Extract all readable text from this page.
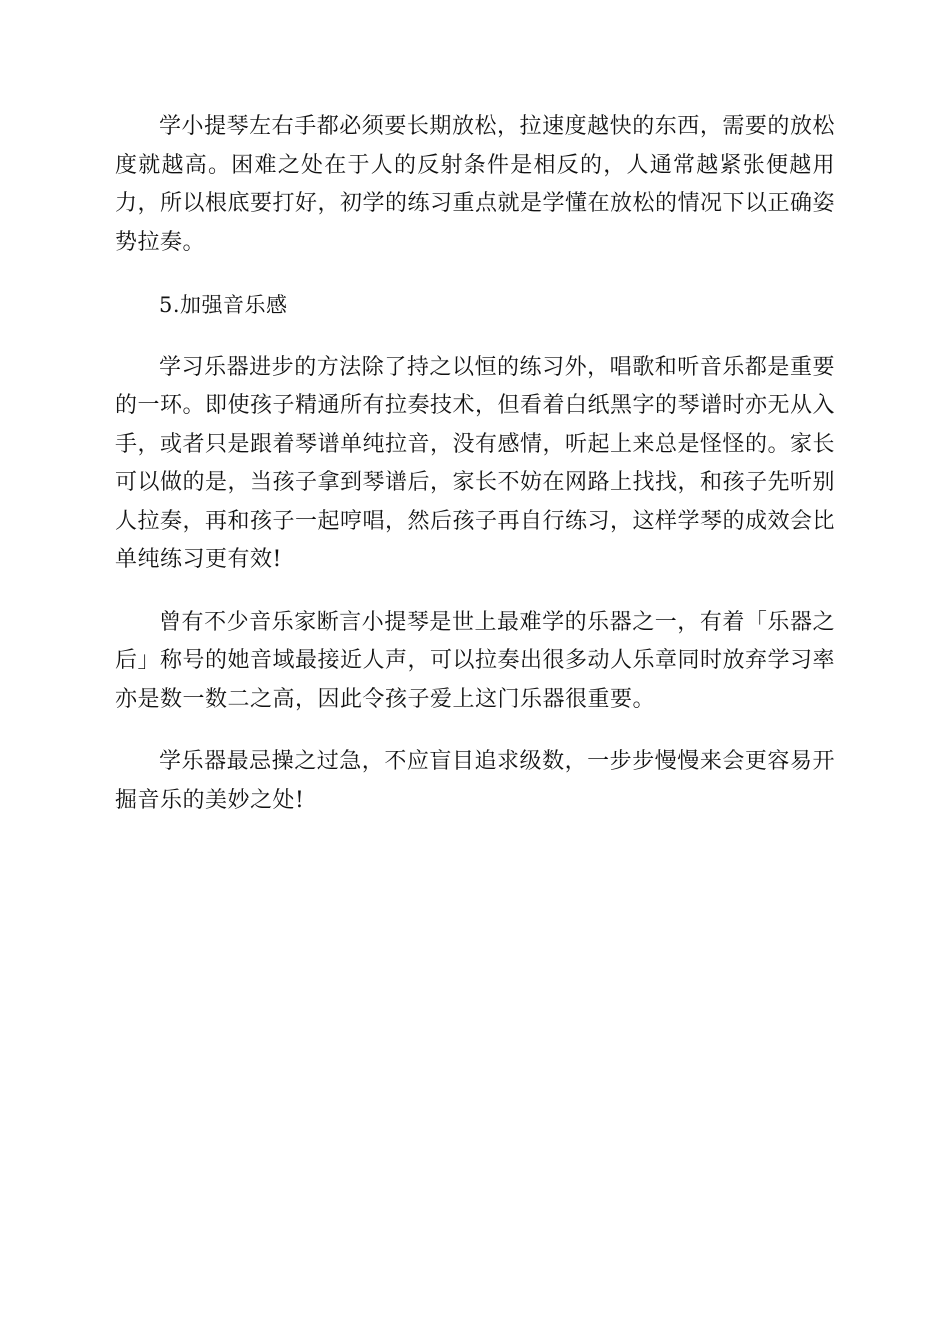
学小提琴左右手都必须要长期放松，拉速度越快的东西，需要的放松度就越高。困难之处在于人的反射条件是相反的，人通常越紧张便越用力，所以根底要打好，初学的练习重点就是学懂在放松的情况下以正确姿势拉奏。

5.加强音乐感

学习乐器进步的方法除了持之以恒的练习外，唱歌和听音乐都是重要的一环。即使孩子精通所有拉奏技术，但看着白纸黑字的琴谱时亦无从入手，或者只是跟着琴谱单纯拉音，没有感情，听起上来总是怪怪的。家长可以做的是，当孩子拿到琴谱后，家长不妨在网路上找找，和孩子先听别人拉奏，再和孩子一起哼唱，然后孩子再自行练习，这样学琴的成效会比单纯练习更有效!

曾有不少音乐家断言小提琴是世上最难学的乐器之一，有着「乐器之后」称号的她音域最接近人声，可以拉奏出很多动人乐章同时放弃学习率亦是数一数二之高，因此令孩子爱上这门乐器很重要。

学乐器最忌操之过急，不应盲目追求级数，一步步慢慢来会更容易开掘音乐的美妙之处!
